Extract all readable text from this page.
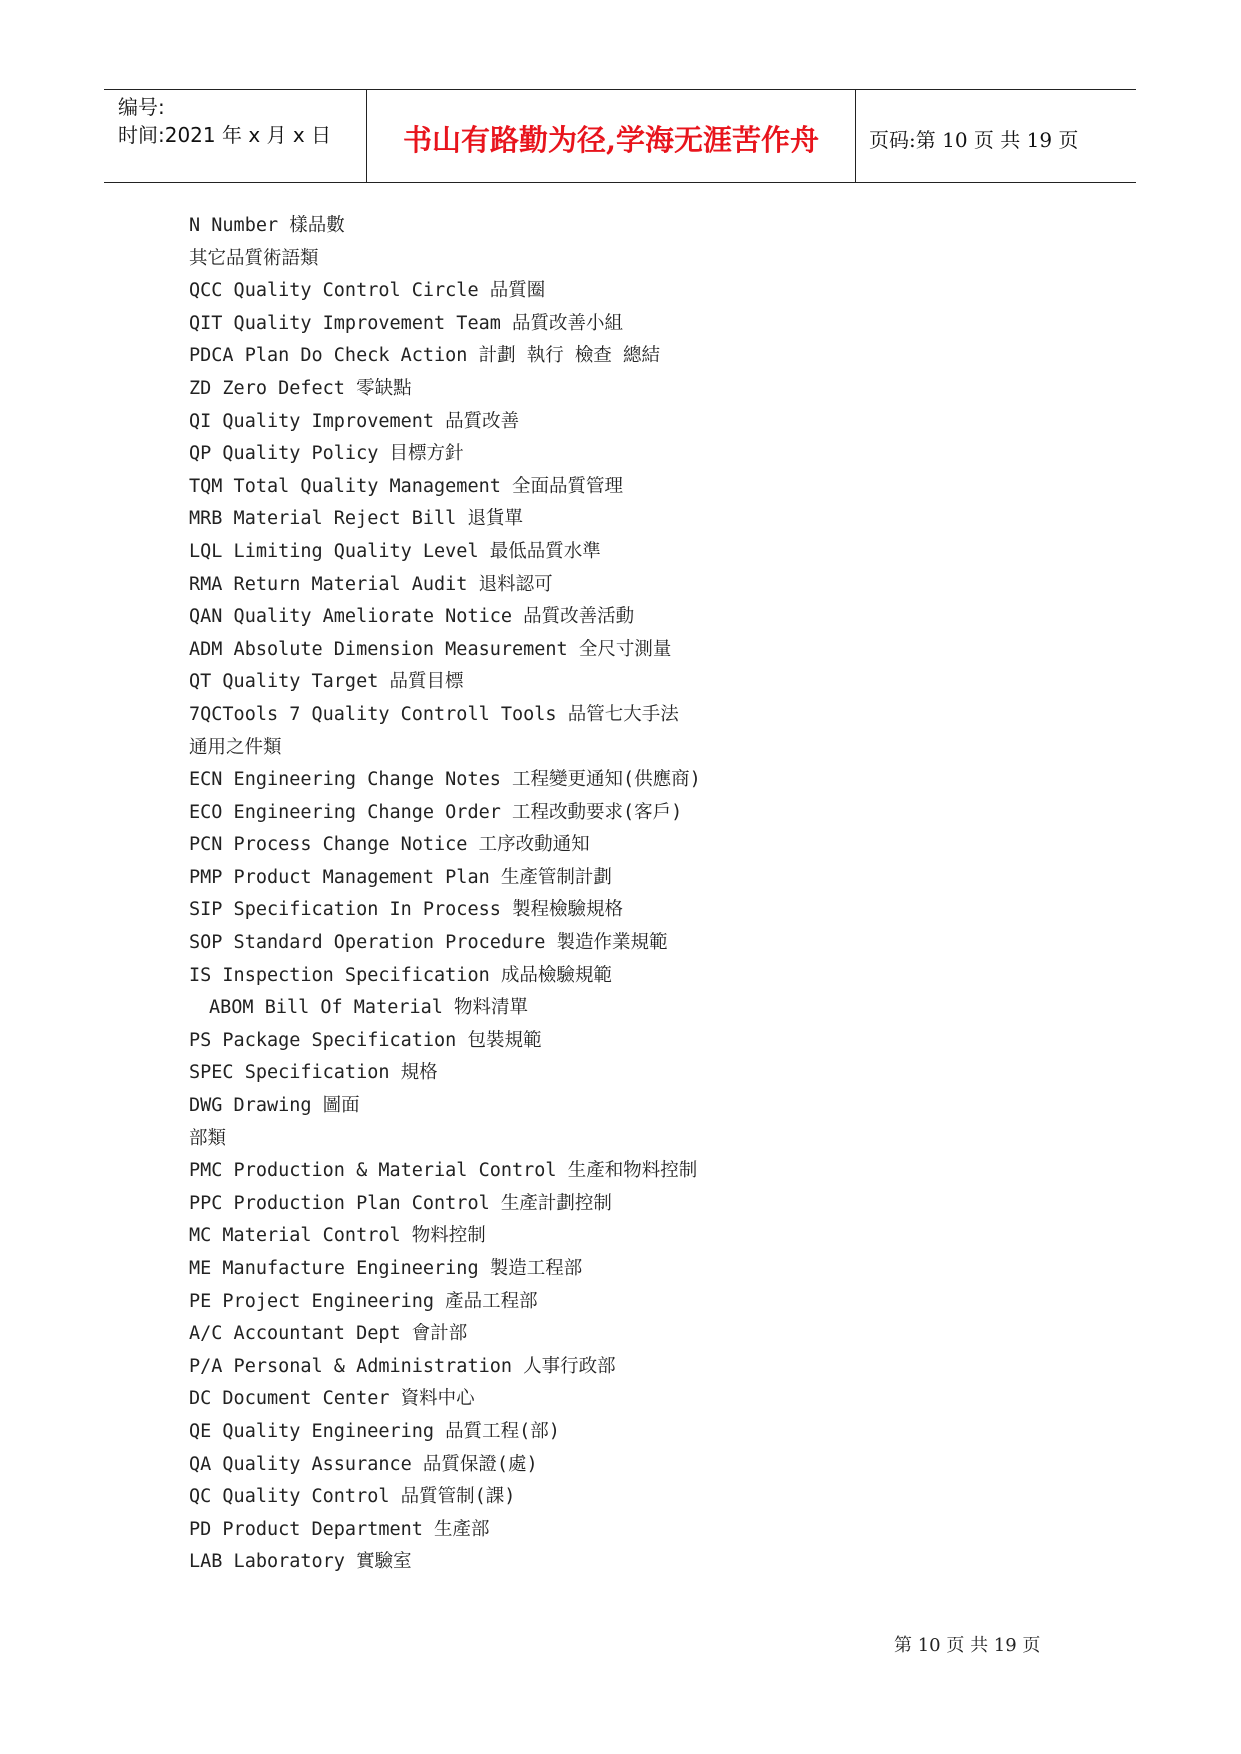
编号:
时间:2021 年 x 月 x 日	书山有路勤为径,学海无涯苦作舟	页码:第 10 页 共 19 页
N Number 樣品數
其它品質術語類
QCC Quality Control Circle 品質圈
QIT Quality Improvement Team 品質改善小組
PDCA Plan Do Check Action 計劃 執行 檢查 總結
ZD Zero Defect 零缺點
QI Quality Improvement 品質改善
QP Quality Policy 目標方針
TQM Total Quality Management 全面品質管理
MRB Material Reject Bill 退貨單
LQL Limiting Quality Level 最低品質水準
RMA Return Material Audit 退料認可
QAN Quality Ameliorate Notice 品質改善活動
ADM Absolute Dimension Measurement 全尺寸測量
QT Quality Target 品質目標
7QCTools 7 Quality Controll Tools 品管七大手法
通用之件類
ECN Engineering Change Notes 工程變更通知(供應商)
ECO Engineering Change Order 工程改動要求(客戶)
PCN Process Change Notice 工序改動通知
PMP Product Management Plan 生產管制計劃
SIP Specification In Process 製程檢驗規格
SOP Standard Operation Procedure 製造作業規範
IS Inspection Specification 成品檢驗規範
ABOM Bill Of Material 物料清單
PS Package Specification 包裝規範
SPEC Specification 規格
DWG Drawing 圖面
部類
PMC Production & Material Control 生產和物料控制
PPC Production Plan Control 生產計劃控制
MC Material Control 物料控制
ME Manufacture Engineering 製造工程部
PE Project Engineering 產品工程部
A/C Accountant Dept 會計部
P/A Personal & Administration 人事行政部
DC Document Center 資料中心
QE Quality Engineering 品質工程(部)
QA Quality Assurance 品質保證(處)
QC Quality Control 品質管制(課)
PD Product Department 生產部
LAB Laboratory 實驗室
第 10 页 共 19 页
